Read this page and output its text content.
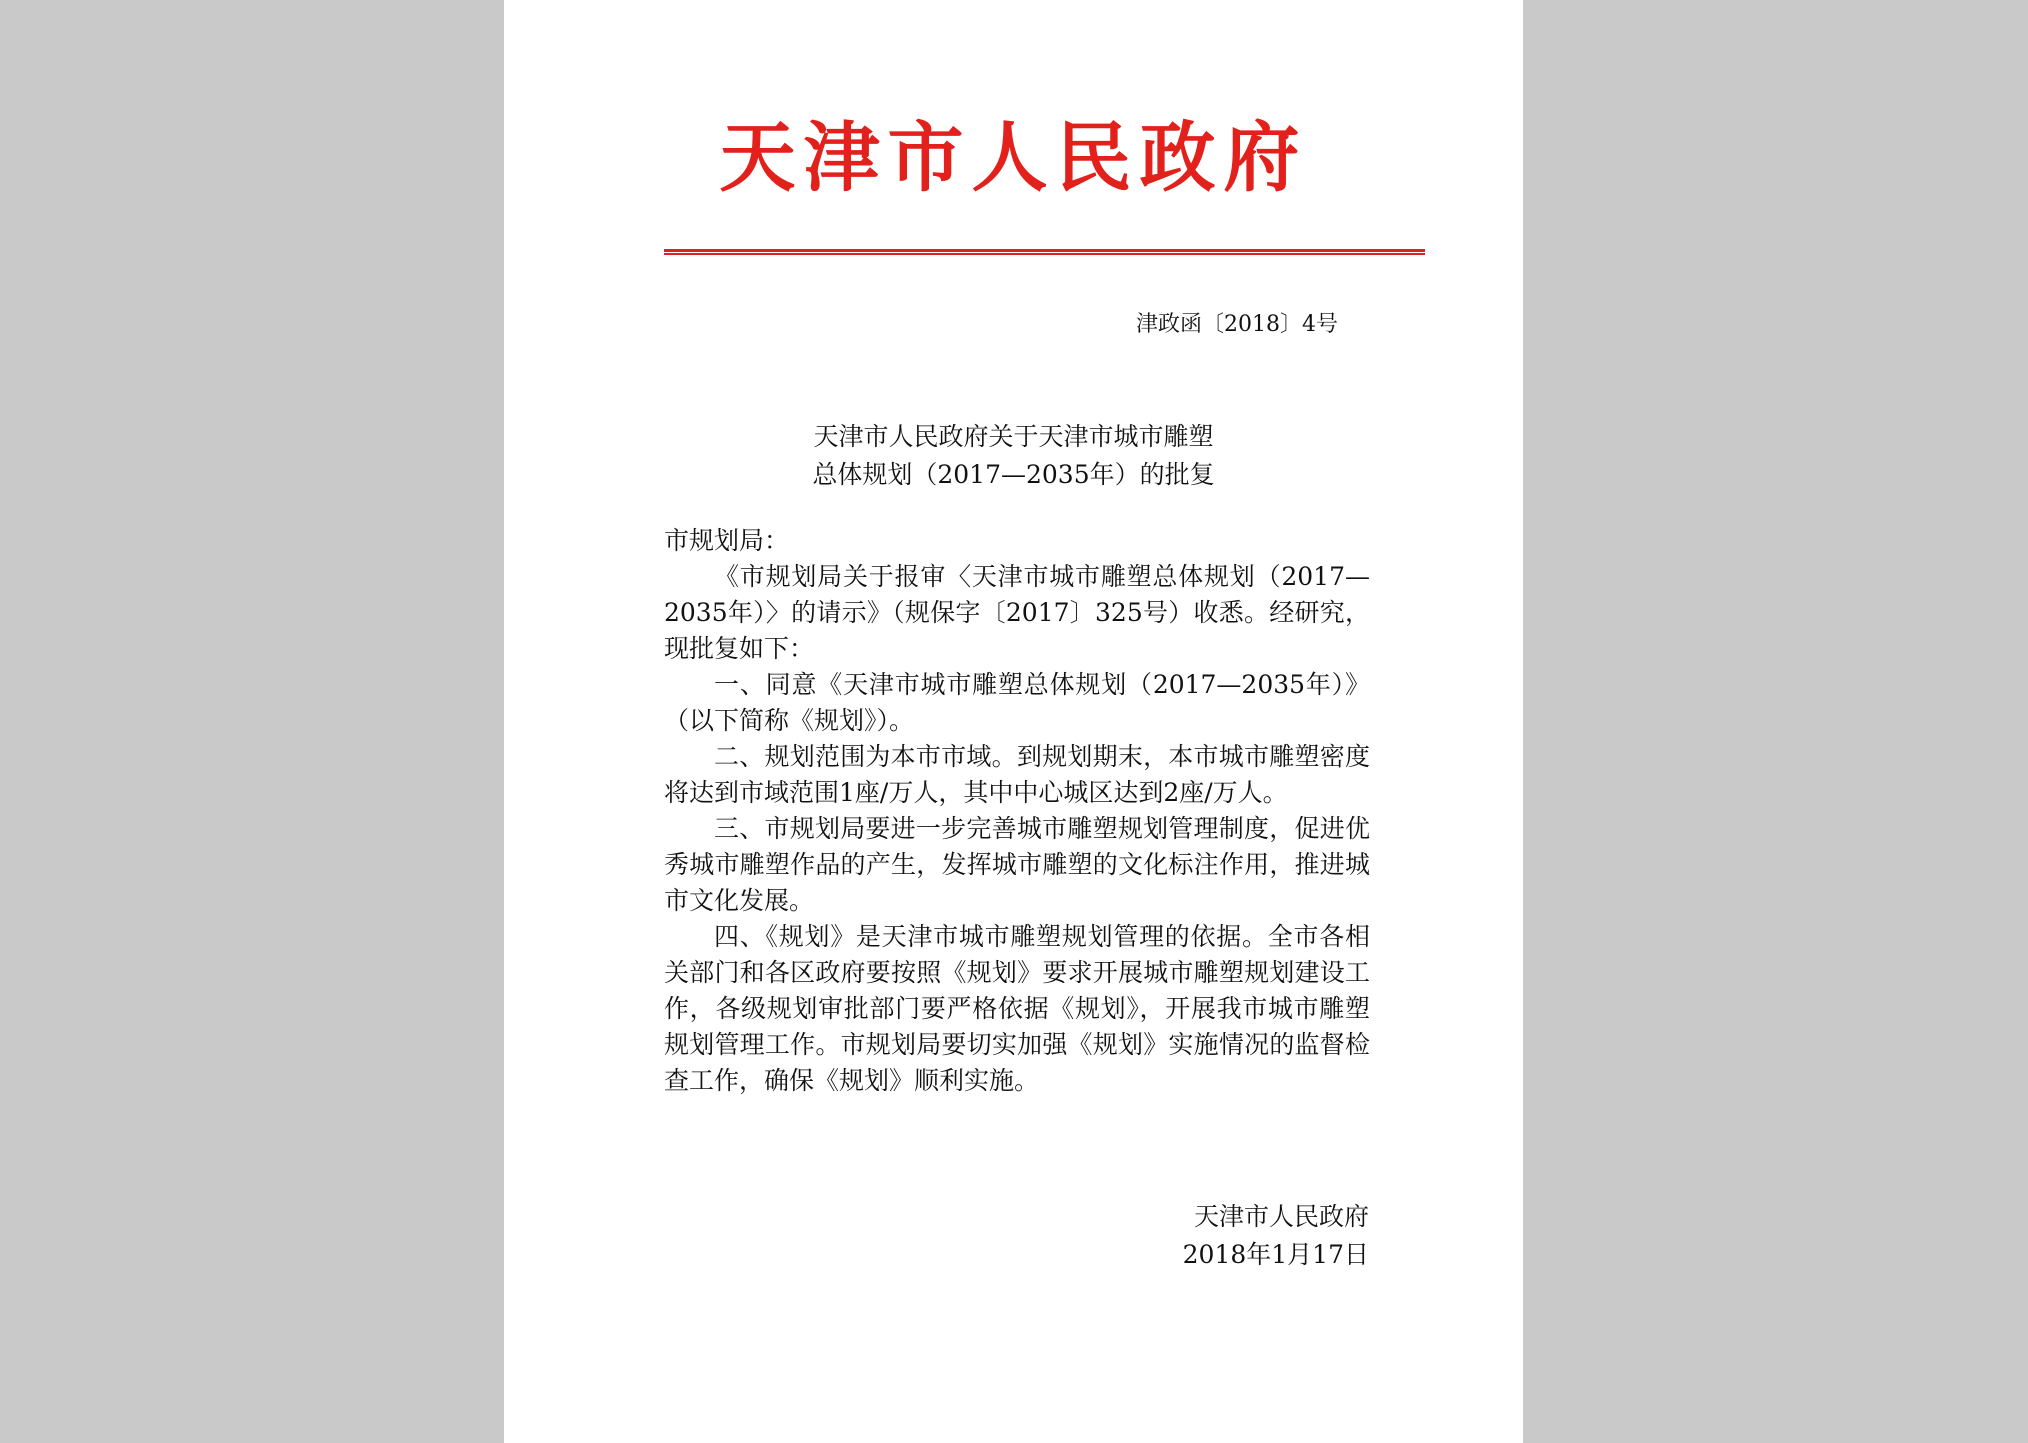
天津市人民政府
津政函〔2018〕4号
天津市人民政府关于天津市城市雕塑
总体规划（2017—2035年）的批复

市规划局：

《市规划局关于报审〈天津市城市雕塑总体规划（2017—2035年）〉的请示》（规保字〔2017〕325号）收悉。经研究，现批复如下：

一、同意《天津市城市雕塑总体规划（2017—2035年）》（以下简称《规划》）。

二、规划范围为本市市域。到规划期末，本市城市雕塑密度将达到市域范围1座/万人，其中中心城区达到2座/万人。

三、市规划局要进一步完善城市雕塑规划管理制度，促进优秀城市雕塑作品的产生，发挥城市雕塑的文化标注作用，推进城市文化发展。

四、《规划》是天津市城市雕塑规划管理的依据。全市各相关部门和各区政府要按照《规划》要求开展城市雕塑规划建设工作，各级规划审批部门要严格依据《规划》，开展我市城市雕塑规划管理工作。市规划局要切实加强《规划》实施情况的监督检查工作，确保《规划》顺利实施。

天津市人民政府
2018年1月17日
